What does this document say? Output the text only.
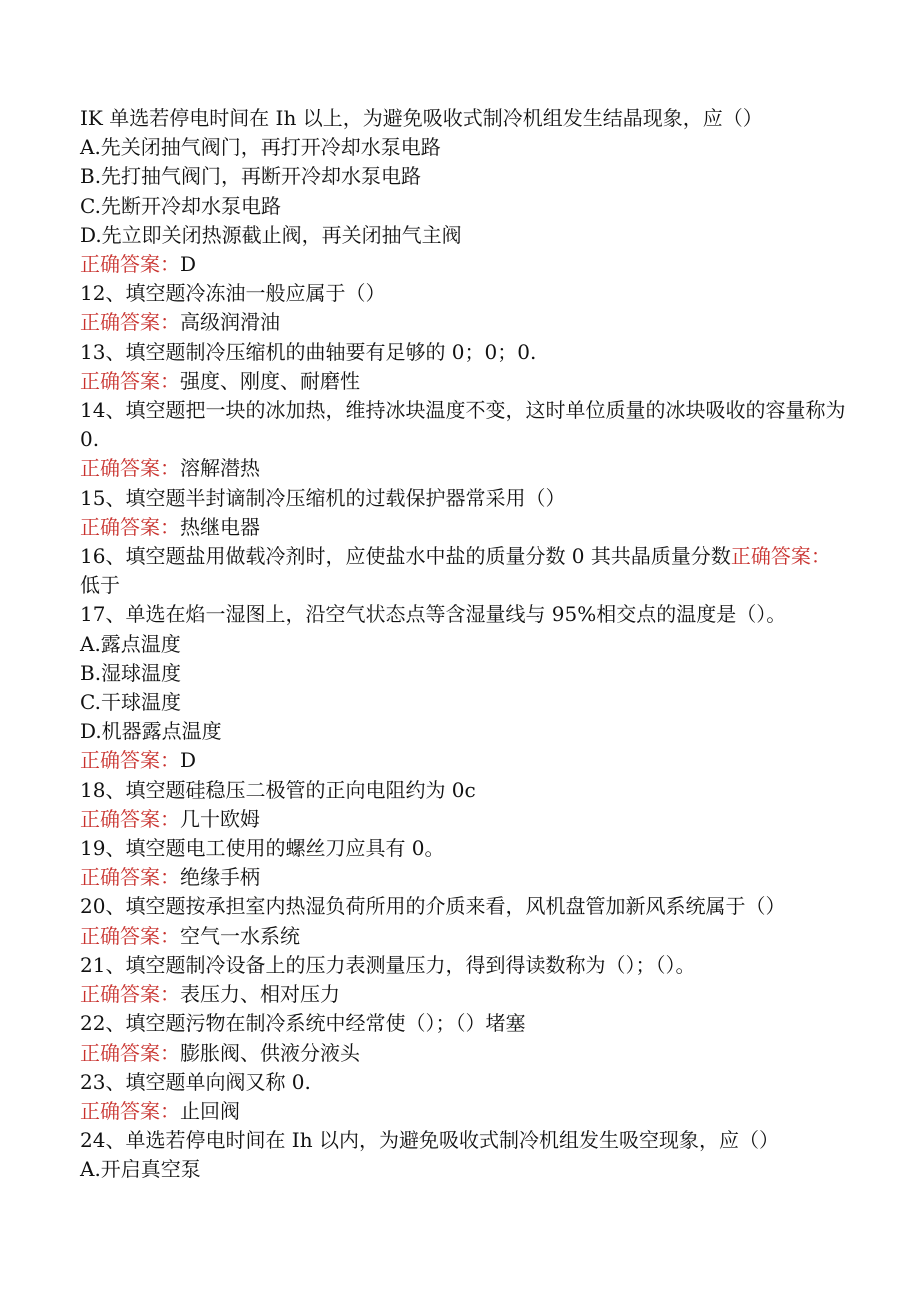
IK 单选若停电时间在 Ih 以上，为避免吸收式制冷机组发生结晶现象，应（）
A.先关闭抽气阀门，再打开冷却水泵电路
B.先打抽气阀门，再断开冷却水泵电路
C.先断开冷却水泵电路
D.先立即关闭热源截止阀，再关闭抽气主阀
正确答案：D
12、填空题冷冻油一般应属于（）
正确答案：高级润滑油
13、填空题制冷压缩机的曲轴要有足够的 0；0；0.
正确答案：强度、刚度、耐磨性
14、填空题把一块的冰加热，维持冰块温度不变，这时单位质量的冰块吸收的容量称为 0.
正确答案：溶解潜热
15、填空题半封谪制冷压缩机的过载保护器常采用（）
正确答案：热继电器
16、填空题盐用做载冷剂时，应使盐水中盐的质量分数 0 其共晶质量分数正确答案：低于
17、单选在焰一湿图上，沿空气状态点等含湿量线与 95%相交点的温度是（）。
A.露点温度
B.湿球温度
C.干球温度
D.机器露点温度
正确答案：D
18、填空题硅稳压二极管的正向电阻约为 0c
正确答案：几十欧姆
19、填空题电工使用的螺丝刀应具有 0。
正确答案：绝缘手柄
20、填空题按承担室内热湿负荷所用的介质来看，风机盘管加新风系统属于（）
正确答案：空气一水系统
21、填空题制冷设备上的压力表测量压力，得到得读数称为（）；（）。
正确答案：表压力、相对压力
22、填空题污物在制冷系统中经常使（）；（）堵塞
正确答案：膨胀阀、供液分液头
23、填空题单向阀又称 0.
正确答案：止回阀
24、单选若停电时间在 Ih 以内，为避免吸收式制冷机组发生吸空现象，应（）
A.开启真空泵
